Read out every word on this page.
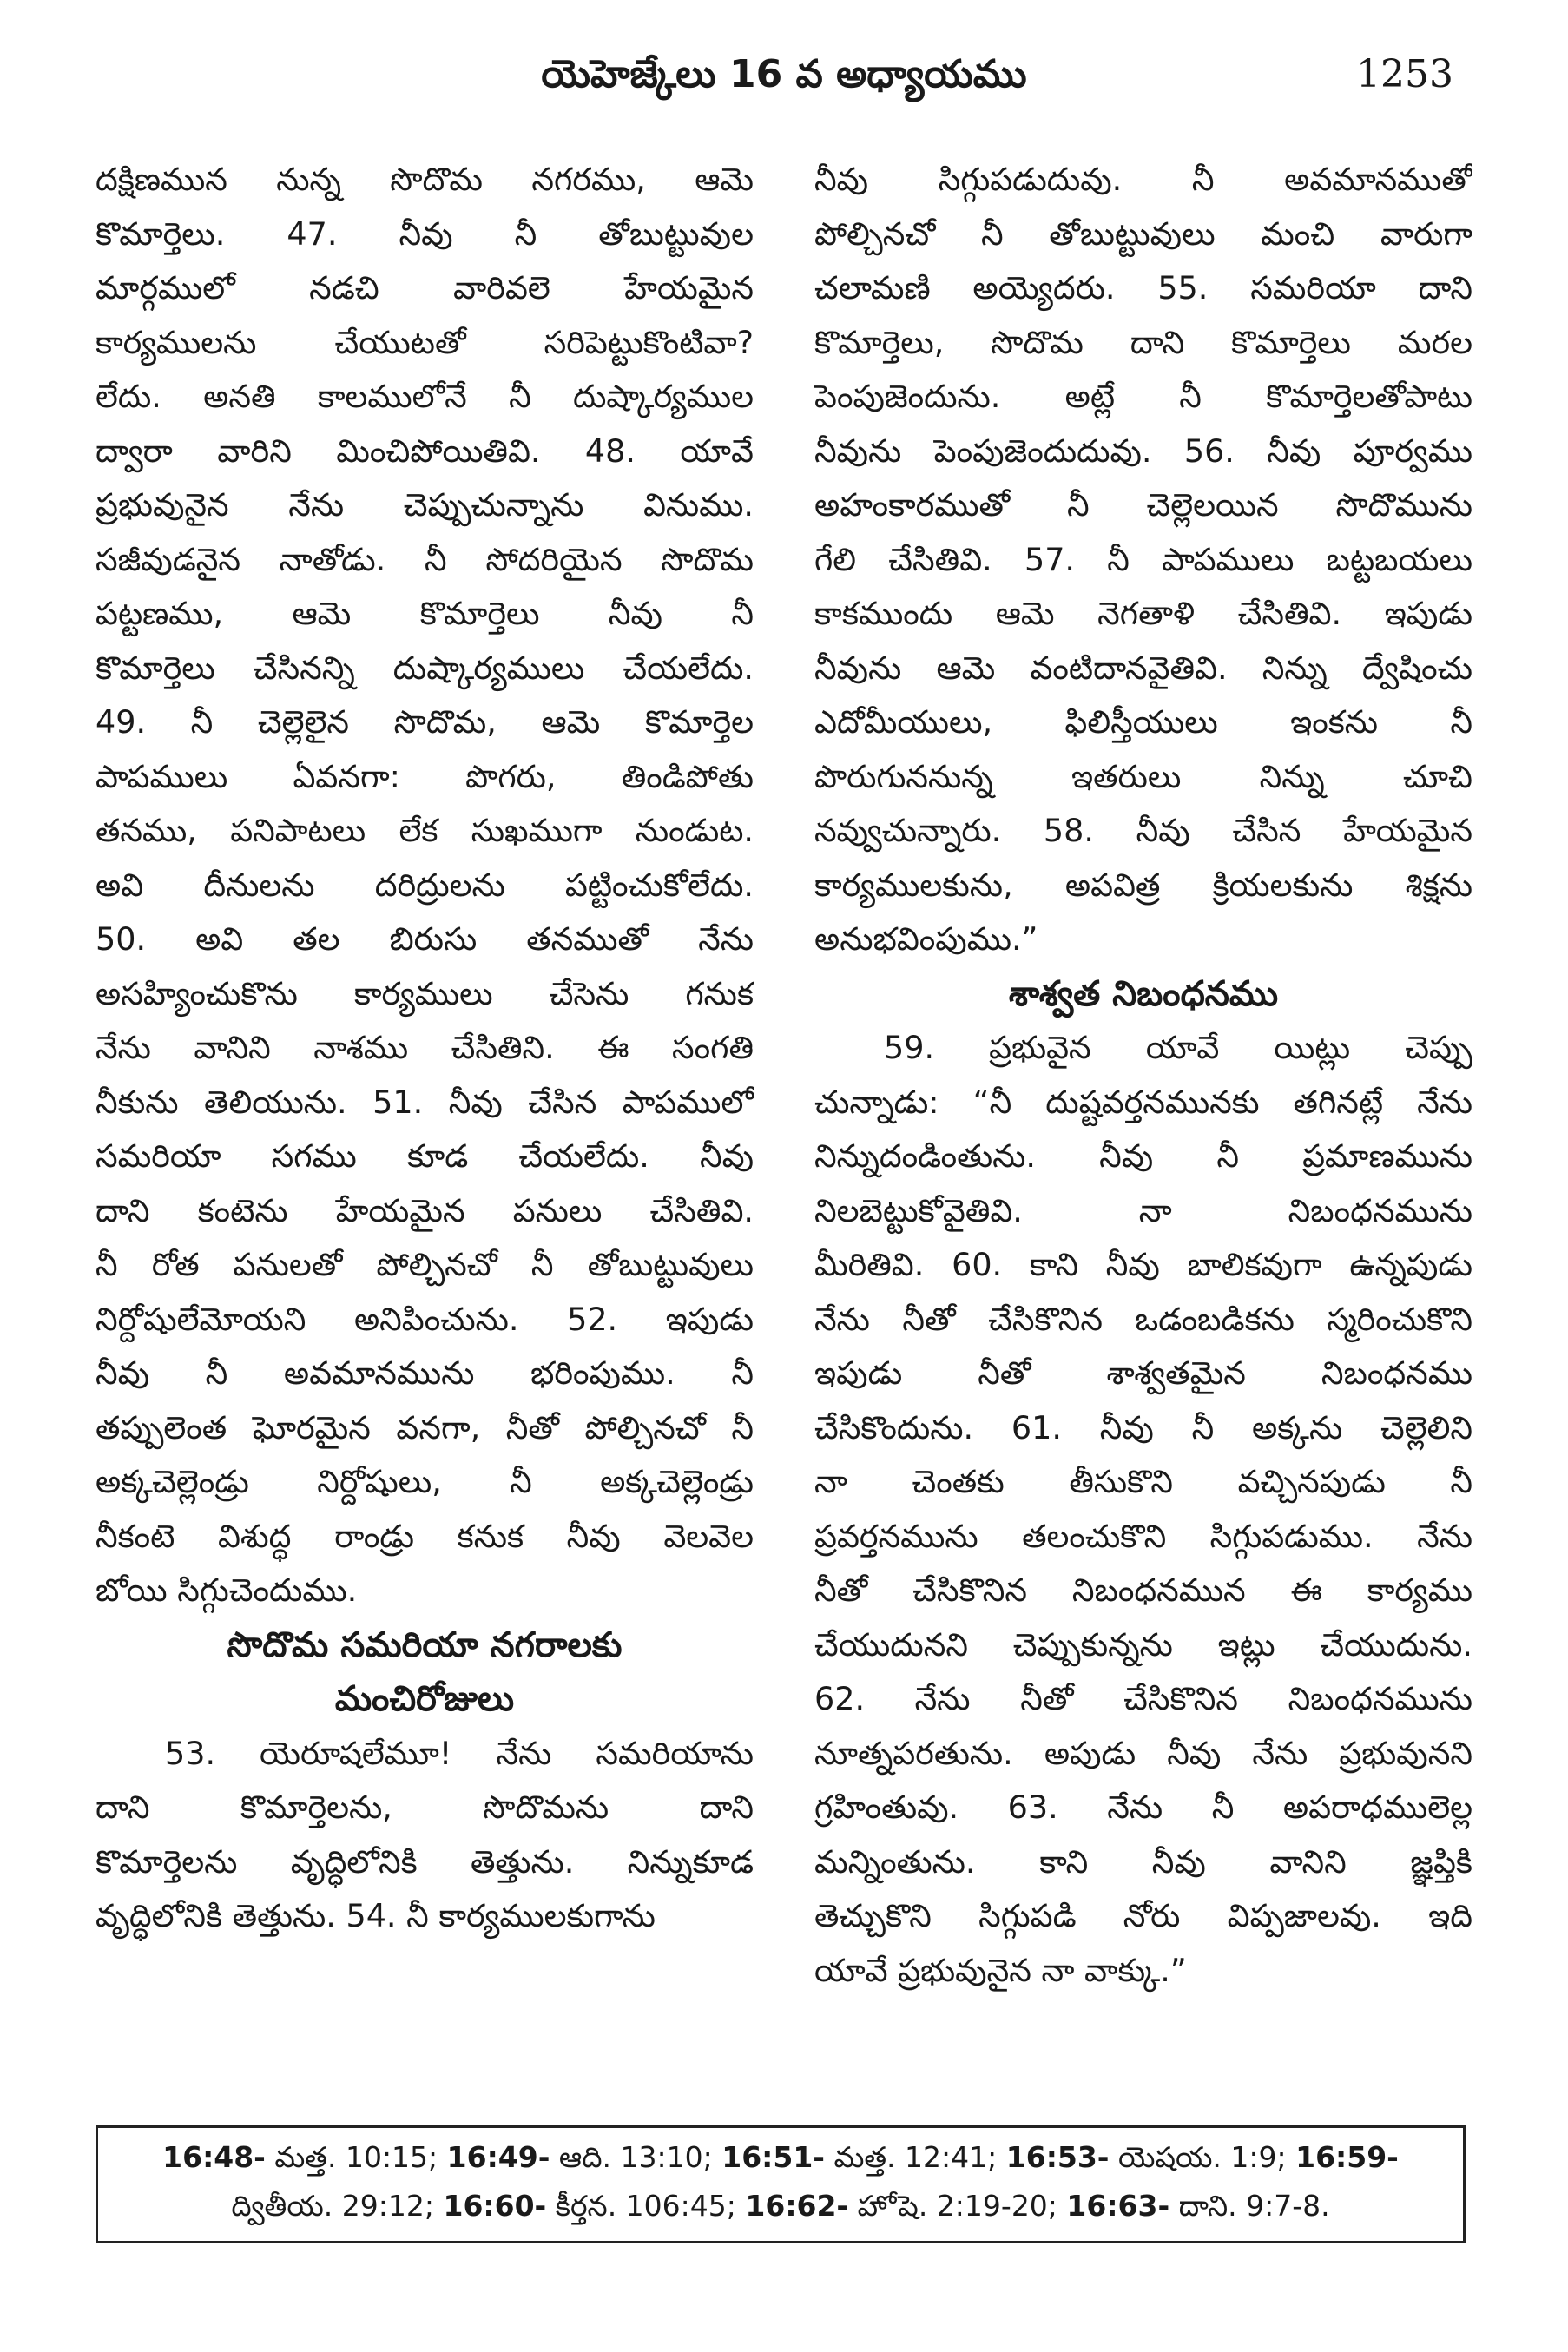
యెహెజ్కేలు 16 వ అధ్యాయము	1253
దక్షిణమున నున్న సొదొమ నగరము, ఆమె
కొమార్తెలు. 47. నీవు నీ తోబుట్టువుల
మార్గములో నడచి వారివలె హేయమైన
కార్యములను చేయుటతో సరిపెట్టుకొంటివా?
లేదు. అనతి కాలములోనే నీ దుష్కార్యముల
ద్వారా వారిని మించిపోయితివి. 48. యావే
ప్రభువునైన నేను చెప్పుచున్నాను వినుము.
సజీవుడనైన నాతోడు. నీ సోదరియైన సొదొమ
పట్టణము, ఆమె కొమార్తెలు నీవు నీ
కొమార్తెలు చేసినన్ని దుష్కార్యములు చేయలేదు.
49. నీ చెల్లెలైన సొదొమ, ఆమె కొమార్తెల
పాపములు ఏవనగా: పొగరు, తిండిపోతు
తనము, పనిపాటలు లేక సుఖముగా నుండుట.
అవి దీనులను దరిద్రులను పట్టించుకోలేదు.
50. అవి తల బిరుసు తనముతో నేను
అసహ్యించుకొను కార్యములు చేసెను గనుక
నేను వానిని నాశము చేసితిని. ఈ సంగతి
నీకును తెలియును. 51. నీవు చేసిన పాపములో
సమరియా సగము కూడ చేయలేదు. నీవు
దాని కంటెను హేయమైన పనులు చేసితివి.
నీ రోత పనులతో పోల్చినచో నీ తోబుట్టువులు
నిర్దోషులేమోయని అనిపించును. 52. ఇపుడు
నీవు నీ అవమానమును భరింపుము. నీ
తప్పులెంత ఘోరమైన వనగా, నీతో పోల్చినచో నీ
అక్కచెల్లెండ్రు నిర్దోషులు, నీ అక్కచెల్లెండ్రు
నీకంటె విశుద్ధ రాండ్రు కనుక నీవు వెలవెల
బోయి సిగ్గుచెందుము.
సొదొమ సమరియా నగరాలకు
మంచిరోజులు
53. యెరూషలేమూ! నేను సమరియాను
దాని కొమార్తెలను, సొదొమను దాని
కొమార్తెలను వృద్ధిలోనికి తెత్తును. నిన్నుకూడ
వృద్ధిలోనికి తెత్తును. 54. నీ కార్యములకుగాను
నీవు సిగ్గుపడుదువు. నీ అవమానముతో
పోల్చినచో నీ తోబుట్టువులు మంచి వారుగా
చలామణి అయ్యెదరు. 55. సమరియా దాని
కొమార్తెలు, సొదొమ దాని కొమార్తెలు మరల
పెంపుజెందును. అట్లే నీ కొమార్తెలతోపాటు
నీవును పెంపుజెందుదువు. 56. నీవు పూర్వము
అహంకారముతో నీ చెల్లెలయిన సొదొమును
గేలి చేసితివి. 57. నీ పాపములు బట్టబయలు
కాకముందు ఆమె నెగతాళి చేసితివి. ఇపుడు
నీవును ఆమె వంటిదానవైతివి. నిన్ను ద్వేషించు
ఎదోమీయులు, ఫిలిస్తీయులు ఇంకను నీ
పొరుగుననున్న ఇతరులు నిన్ను చూచి
నవ్వుచున్నారు. 58. నీవు చేసిన హేయమైన
కార్యములకును, అపవిత్ర క్రియలకును శిక్షను
అనుభవింపుము.”
శాశ్వత నిబంధనము
59. ప్రభువైన యావే యిట్లు చెప్పు
చున్నాడు: “నీ దుష్టవర్తనమునకు తగినట్లే నేను
నిన్నుదండింతును. నీవు నీ ప్రమాణమును
నిలబెట్టుకోవైతివి. నా నిబంధనమును
మీరితివి. 60. కాని నీవు బాలికవుగా ఉన్నపుడు
నేను నీతో చేసికొనిన ఒడంబడికను స్మరించుకొని
ఇపుడు నీతో శాశ్వతమైన నిబంధనము
చేసికొందును. 61. నీవు నీ అక్కను చెల్లెలిని
నా చెంతకు తీసుకొని వచ్చినపుడు నీ
ప్రవర్తనమును తలంచుకొని సిగ్గుపడుము. నేను
నీతో చేసికొనిన నిబంధనమున ఈ కార్యము
చేయుదునని చెప్పుకున్నను ఇట్లు చేయుదును.
62. నేను నీతో చేసికొనిన నిబంధనమును
నూత్నపరతును. అపుడు నీవు నేను ప్రభువునని
గ్రహింతువు. 63. నేను నీ అపరాధములెల్ల
మన్నింతును. కాని నీవు వానిని జ్ఞప్తికి
తెచ్చుకొని సిగ్గుపడి నోరు విప్పజాలవు. ఇది
యావే ప్రభువునైన నా వాక్కు.”
16:48- మత్త. 10:15; 16:49- ఆది. 13:10; 16:51- మత్త. 12:41; 16:53- యెషయ. 1:9; 16:59-
ద్వితీయ. 29:12; 16:60- కీర్తన. 106:45; 16:62- హోషె. 2:19-20; 16:63- దాని. 9:7-8.
